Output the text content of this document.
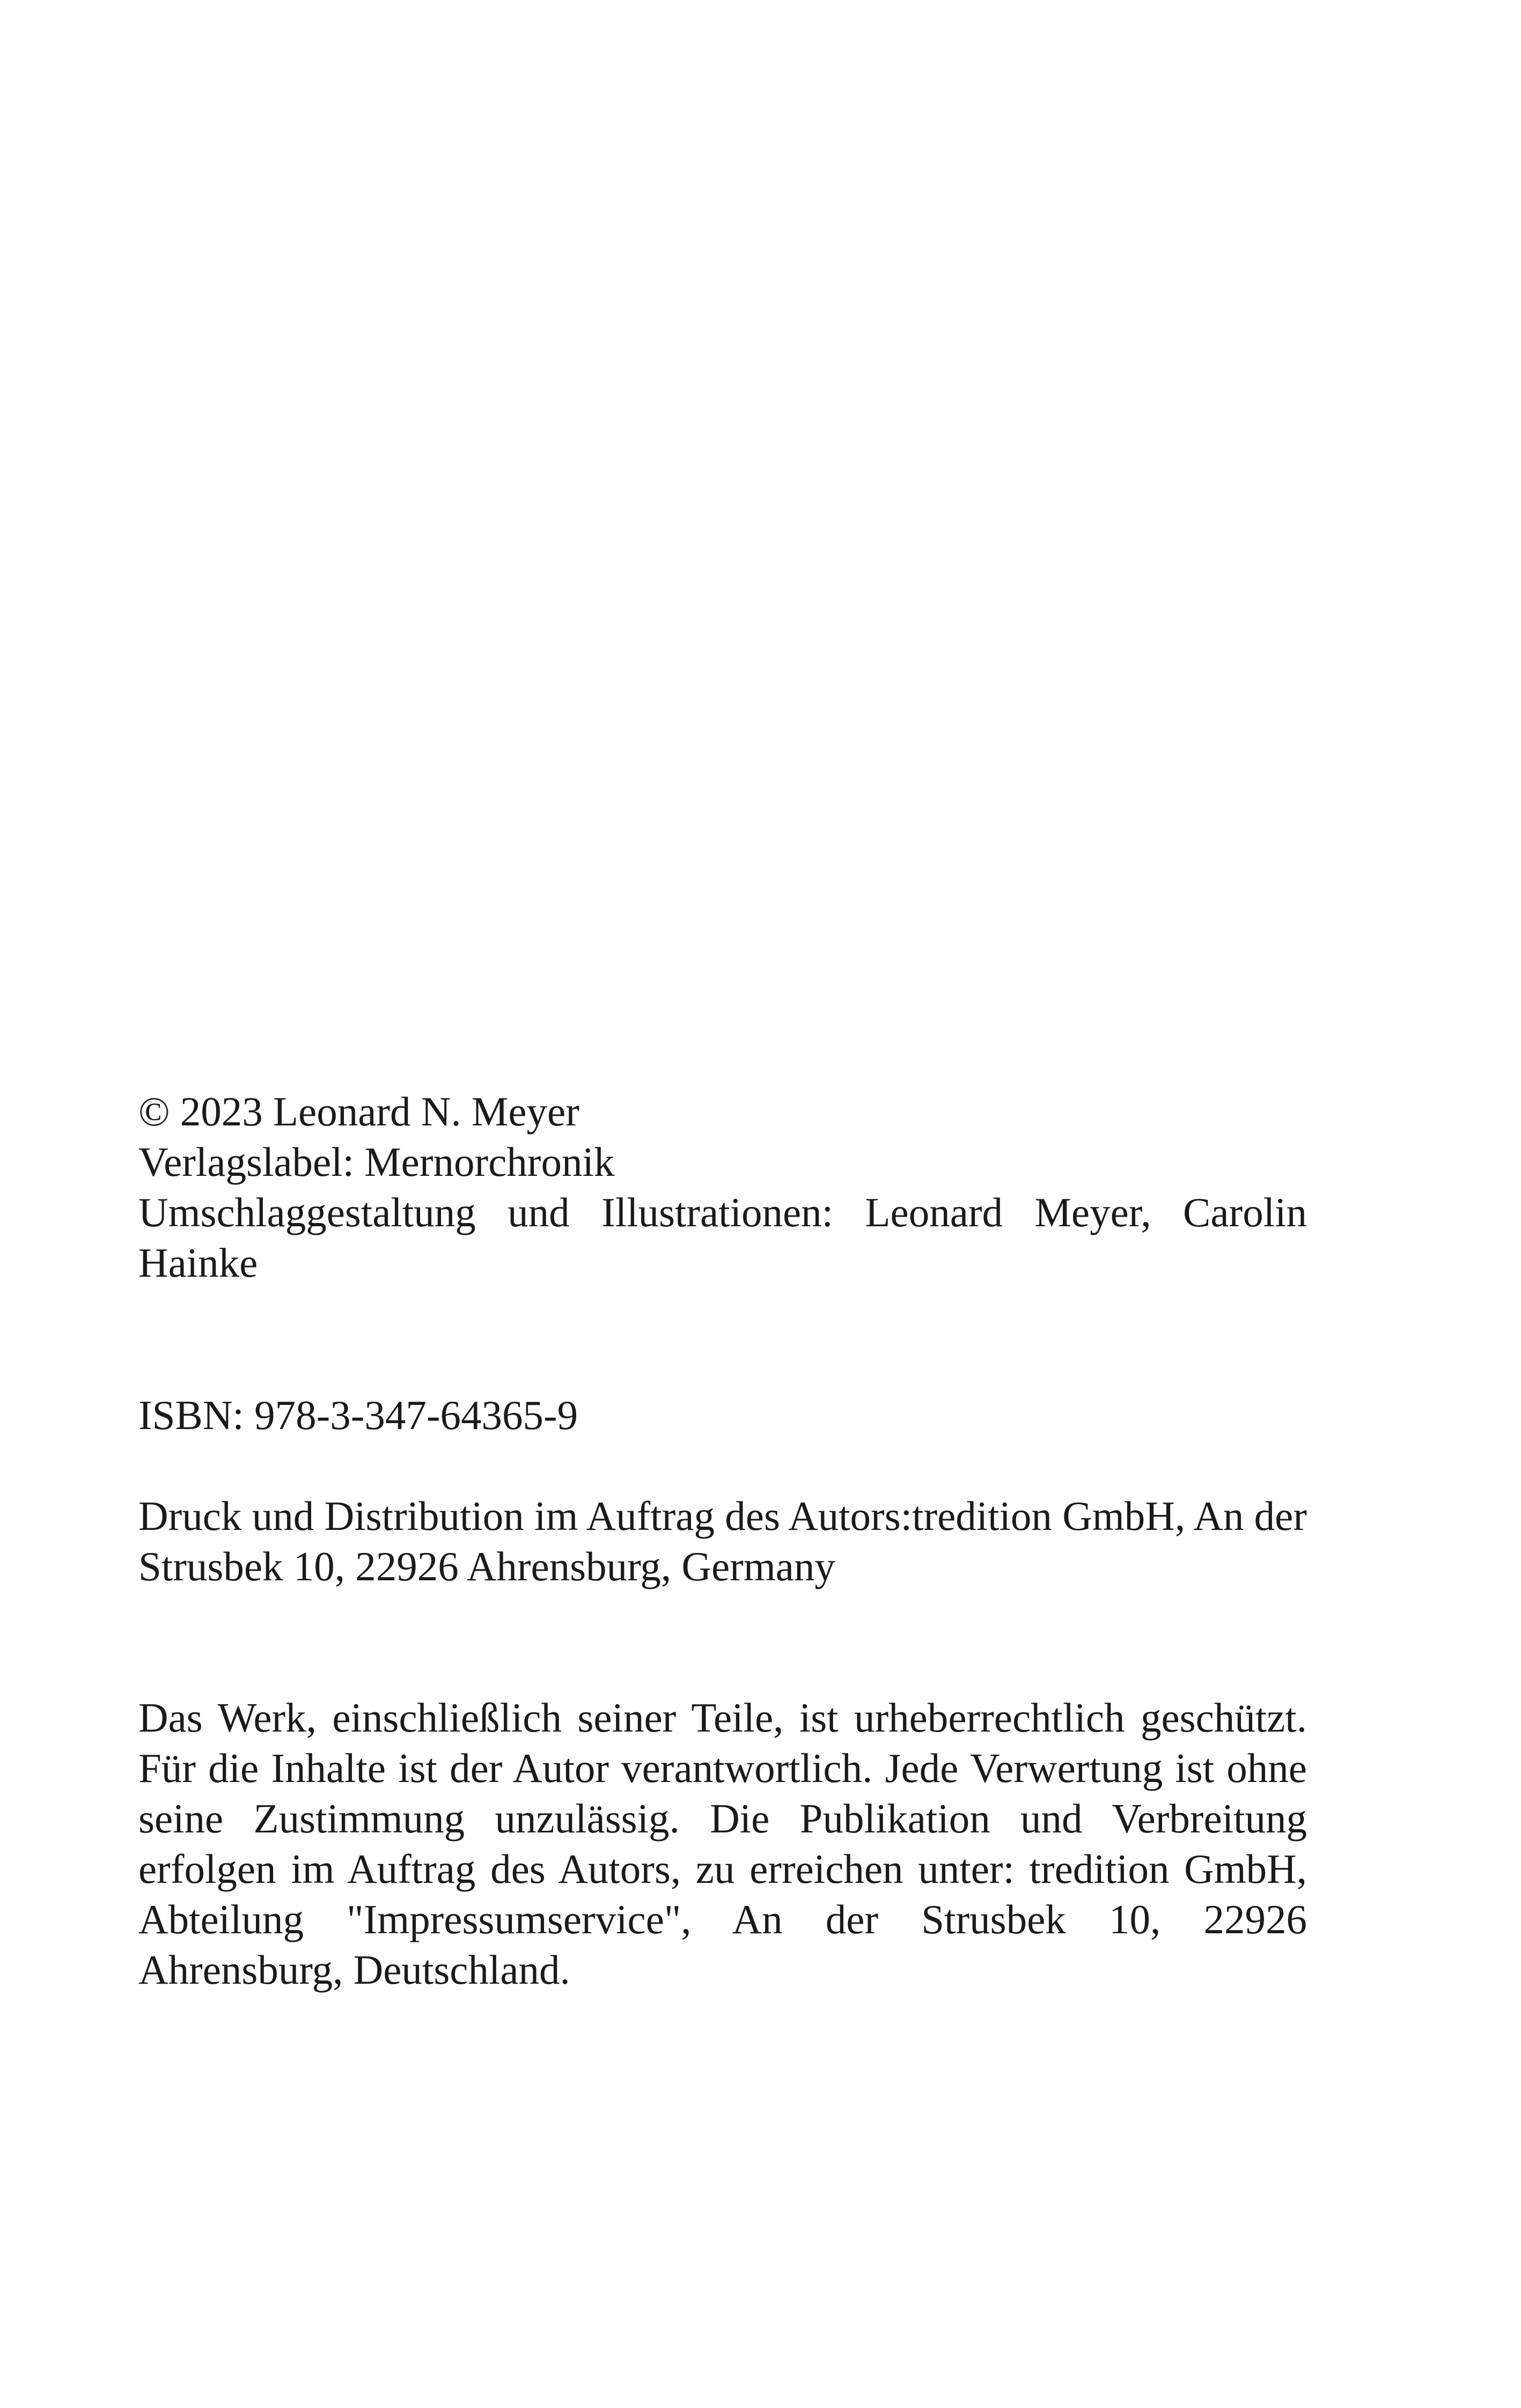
© 2023 Leonard N. Meyer

Verlagslabel: Mernorchronik

Umschlaggestaltung und Illustrationen: Leonard Meyer, Carolin Hainke

ISBN: 978-3-347-64365-9

Druck und Distribution im Auftrag des Autors:tredition GmbH, An der Strusbek 10, 22926 Ahrensburg, Germany

Das Werk, einschließlich seiner Teile, ist urheberrechtlich geschützt. Für die Inhalte ist der Autor verantwortlich. Jede Verwertung ist ohne seine Zustimmung unzulässig. Die Publikation und Verbreitung erfolgen im Auftrag des Autors, zu erreichen unter: tredition GmbH, Abteilung "Impressumservice", An der Strusbek 10, 22926 Ahrensburg, Deutschland.
